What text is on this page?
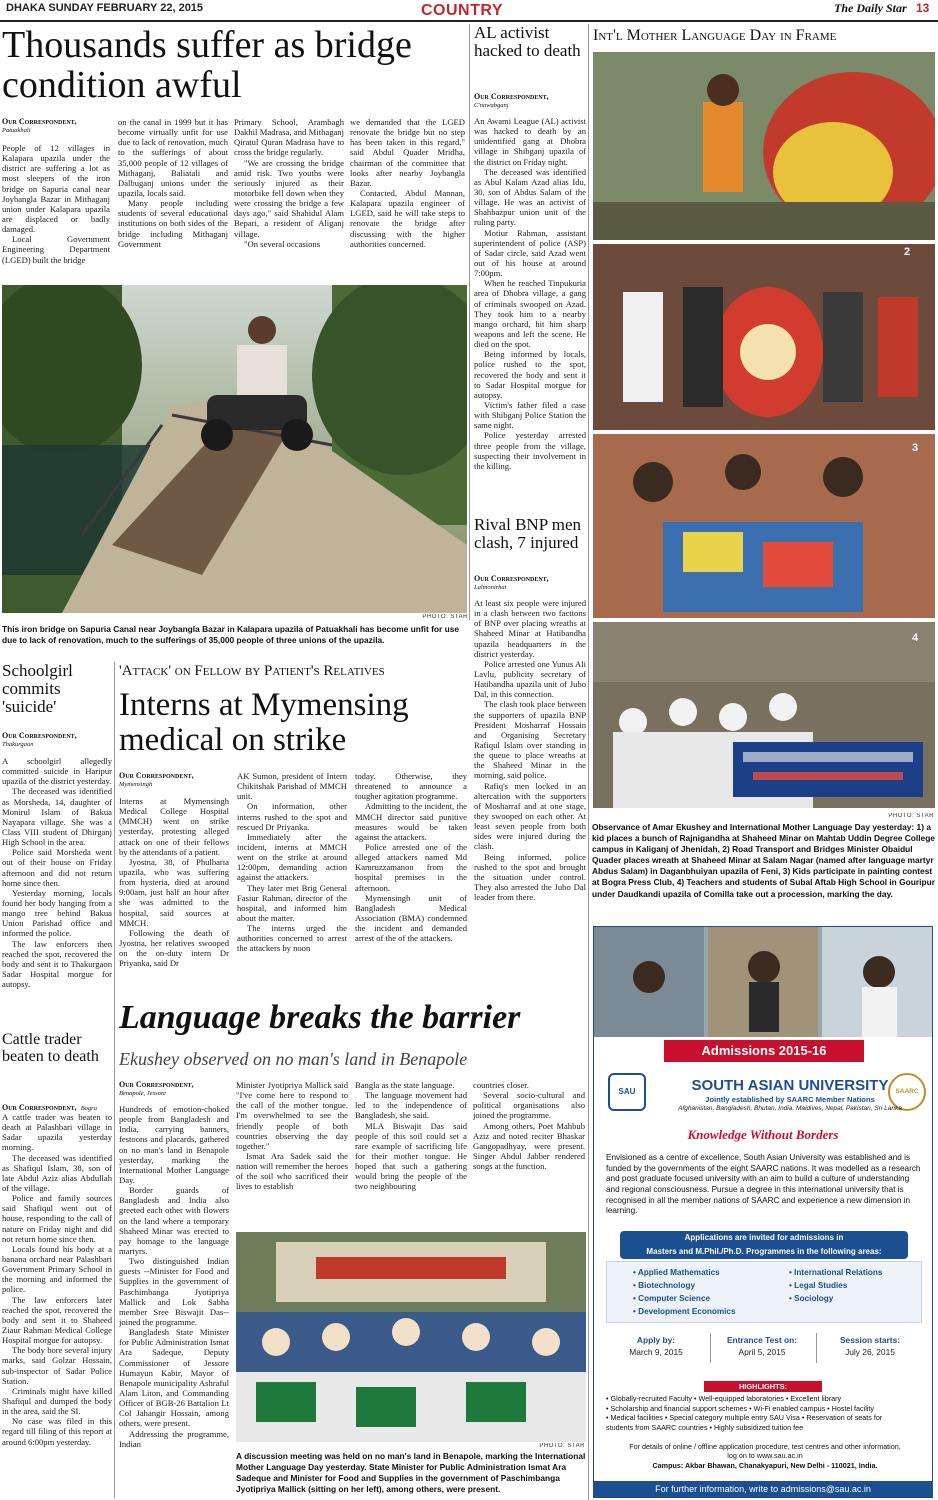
DHAKA SUNDAY FEBRUARY 22, 2015	COUNTRY	The Daily Star 13
Thousands suffer as bridge condition awful
Our Correspondent,
Patuakhali

People of 12 villages in Kalapara upazila under the district are suffering a lot as most sleepers of the iron bridge on Sapuria canal near Joybangla Bazar in Mithaganj union under Kalapara upazila are displaced or badly damaged.

Local Government Engineering Department (LGED) built the bridge

on the canal in 1999 but it has become virtually unfit for use due to lack of renovation, much to the sufferings of about 35,000 people of 12 villages of Mithaganj, Baliatali and Dalbuganj unions under the upazila, locals said.

Many people including students of several educational institutions on both sides of the bridge including Mithaganj Government

Primary School, Arambagh Dakhil Madrasa, and Mithaganj Qiratul Quran Madrasa have to cross the bridge regularly.

"We are crossing the bridge amid risk. Two youths were seriously injured as their motorbike fell down when they were crossing the bridge a few days ago," said Shahidul Alam Bepari, a resident of Aliganj village.

"On several occasions

we demanded that the LGED renovate the bridge but no step has been taken in this regard," said Abdul Quader Mridha, chairman of the committee that looks after nearby Joybangla Bazar.

Contacted, Abdul Mannan, Kalapara upazila engineer of LGED, said he will take steps to renovate the bridge after discussing with the higher authorities concerned.

PHOTO: STAR
This iron bridge on Sapuria Canal near Joybangla Bazar in Kalapara upazila of Patuakhali has become unfit for use due to lack of renovation, much to the sufferings of 35,000 people of three unions of the upazila.
AL activist hacked to death
Our Correspondent,
C'nawabganj

An Awami League (AL) activist was hacked to death by an unidentified gang at Dhobra village in Shibganj upazila of the district on Friday night.

The deceased was identified as Abul Kalam Azad alias Idu, 30, son of Abdus Salam of the village. He was an activist of Shahbazpur union unit of the ruling party.

Motiur Rahman, assistant superintendent of police (ASP) of Sadar circle, said Azad went out of his house at around 7:00pm.

When he reached Tinpukuria area of Dhobra village, a gang of criminals swooped on Azad. They took him to a nearby mango orchard, hit him sharp weapons and left the scene. He died on the spot.

Being informed by locals, police rushed to the spot, recovered the body and sent it to Sadar Hospital morgue for autopsy.

Victim's father filed a case with Shibganj Police Station the same night.

Police yesterday arrested three people from the village, suspecting their involvement in the killing.

Rival BNP men clash, 7 injured
Our Correspondent,
Lalmonirhat

At least six people were injured in a clash between two factions of BNP over placing wreaths at Shaheed Minar at Hatibandha upazila headquarters in the district yesterday.

Police arrested one Yunus Ali Lavlu, publicity secretary of Hatibandha upazila unit of Jubo Dal, in this connection.

The clash took place between the supporters of upazila BNP President Mosharraf Hossain and Organising Secretary Rafiqul Islam over standing in the queue to place wreaths at the Shaheed Minar in the morning, said police.

Rafiq's men locked in an altercation with the supporters of Mosharraf and at one stage, they swooped on each other. At least seven people from both sides were injured during the clash.

Being informed, police rushed to the spot and brought the situation under control. They also arrested the Jubo Dal leader from there.

Int'l Mother Language Day in Frame
2
3
4
PHOTO: STAR
Observance of Amar Ekushey and International Mother Language Day yesterday: 1) a kid places a bunch of Rajnigandha at Shaheed Minar on Mahtab Uddin Degree College campus in Kaliganj of Jhenidah, 2) Road Transport and Bridges Minister Obaidul Quader places wreath at Shaheed Minar at Salam Nagar (named after language martyr Abdus Salam) in Daganbhuiyan upazila of Feni, 3) Kids participate in painting contest at Bogra Press Club, 4) Teachers and students of Subal Aftab High School in Gouripur under Daudkandi upazila of Comilla take out a procession, marking the day.
Schoolgirl commits 'suicide'
Our Correspondent,
Thakurgaon

A schoolgirl allegedly committed suicide in Haripur upazila of the district yesterday.

The deceased was identified as Morsheda, 14, daughter of Monirul Islam of Bakua Nayapara village. She was a Class VIII student of Dhirganj High School in the area.

Police said Morsheda went out of their house on Friday afternoon and did not return home since then.

Yesterday morning, locals found her body hanging from a mango tree behind Bakua Union Parishad office and informed the police.

The law enforcers then reached the spot, recovered the body and sent it to Thakurgaon Sadar Hospital morgue for autopsy.

Cattle trader beaten to death
Our Correspondent, Bogra

A cattle trader was beaten to death at Palashbari village in Sadar upazila yesterday morning.

The deceased was identified as Shafiqul Islam, 38, son of late Abdul Aziz alias Abdullah of the village.

Police and family sources said Shafiqul went out of house, responding to the call of nature on Friday night and did not return home since then.

Locals found his body at a banana orchard near Palashbari Government Primary School in the morning and informed the police.

The law enforcers later reached the spot, recovered the body and sent it to Shaheed Ziaur Rahman Medical College Hospital morgue for autopsy.

The body bore several injury marks, said Golzar Hossain, sub-inspector of Sadar Police Station.

Criminals might have killed Shafiqul and dumped the body in the area, said the SI.

No case was filed in this regard till filing of this report at around 6:00pm yesterday.

'Attack' on Fellow by Patient's Relatives
Interns at Mymensing medical on strike
Our Correspondent,
Mymensingh

Interns at Mymensingh Medical College Hospital (MMCH) went on strike yesterday, protesting alleged attack on one of their fellows by the attendants of a patient.

Jyostna, 38, of Phulbaria upazila, who was suffering from hysteria, died at around 9:00am, just half an hour after she was admitted to the hospital, said sources at MMCH.

Following the death of Jyostna, her relatives swooped on the on-duty intern Dr Priyanka, said Dr

AK Sumon, president of Intern Chikitshak Parishad of MMCH unit.

On information, other interns rushed to the spot and rescued Dr Priyanka.

Immediately after the incident, interns at MMCH went on the strike at around 12:00pm, demanding action against the attackers.

They later met Brig General Fasiur Rahman, director of the hospital, and informed him about the matter.

The interns urged the authorities concerned to arrest the attackers by noon

today. Otherwise, they threatened to announce a tougher agitation programme.

Admitting to the incident, the MMCH director said punitive measures would be taken against the attackers.

Police arrested one of the alleged attackers named Md Kamruzzamanon from the hospital premises in the afternoon.

Mymensingh unit of Bangladesh Medical Association (BMA) condemned the incident and demanded arrest of the of the attackers.

Language breaks the barrier
Ekushey observed on no man's land in Benapole
Our Correspondent,
Benapole, Jessore

Hundreds of emotion-choked people from Bangladesh and India, carrying banners, festoons and placards, gathered on no man's land in Benapole yesterday, marking the International Mother Language Day.

Border guards of Bangladesh and India also greeted each other with flowers on the land where a temporary Shaheed Minar was erected to pay homage to the language martyrs.

Two distinguished Indian guests --Minister for Food and Supplies in the government of Paschimbanga Jyotipriya Mallick and Lok Sabha member Sree Biswajit Das-- joined the programme.

Bangladesh State Minister for Public Administration Ismat Ara Sadeque, Deputy Commissioner of Jessore Humayun Kabir, Mayor of Benapole municipality Ashraful Alam Liton, and Commanding Officer of BGB-26 Battalion Lt Col Jahangir Hossain, among others, were present.

Addressing the programme, Indian

Minister Jyotipriya Mallick said "I've come here to respond to the call of the mother tongue. I'm overwhelmed to see the friendly people of both countries observing the day together."

Ismat Ara Sadek said the nation will remember the heroes of the soil who sacrificed their lives to establish

Bangla as the state language.

The language movement had led to the independence of Bangladesh, she said.

MLA Biswajit Das said people of this soil could set a rare example of sacrificing life for their mother tongue. He hoped that such a gathering would bring the people of the two neighbouring

countries closer.

Several socio-cultural and political organisations also joined the programme.

Among others, Poet Mahbub Aziz and noted reciter Bhaskar Gangopadhyay, were present. Singer Abdul Jabber rendered songs at the function.

PHOTO: STAR
A discussion meeting was held on no man's land in Benapole, marking the International Mother Language Day yesterday. State Minister for Public Administration Ismat Ara Sadeque and Minister for Food and Supplies in the government of Paschimbanga Jyotipriya Mallick (sitting on her left), among others, were present.
Admissions 2015-16
SAU	SAARC
SOUTH ASIAN UNIVERSITY
Jointly established by SAARC Member Nations
Afghanistan, Bangladesh, Bhutan, India, Maldives, Nepal, Pakistan, Sri Lanka
Knowledge Without Borders
Envisioned as a centre of excellence, South Asian University was established and is funded by the governments of the eight SAARC nations. It was modelled as a research and post graduate focused university with an aim to build a culture of understanding and regional consciousness. Pursue a degree in this international university that is recognised in all the member nations of SAARC and experience a new dimension in learning.
Applications are invited for admissions in
Masters and M.Phil./Ph.D. Programmes in the following areas:
• Applied Mathematics
• Biotechnology
• Computer Science
• Development Economics
• International Relations
• Legal Studies
• Sociology
Apply by:
March 9, 2015
Entrance Test on:
April 5, 2015
Session starts:
July 26, 2015
HIGHLIGHTS:
• Globally-recruited Faculty • Well-equipped laboratories • Excellent library
• Scholarship and financial support schemes • Wi-Fi enabled campus • Hostel facility
• Medical facilities • Special category multiple entry SAU Visa • Reservation of seats for
students from SAARC countries • Highly subsidized tuition fee
For details of online / offline application procedure, test centres and other information,
log on to www.sau.ac.in
Campus: Akbar Bhawan, Chanakyapuri, New Delhi - 110021, India.
For further information, write to admissions@sau.ac.in
